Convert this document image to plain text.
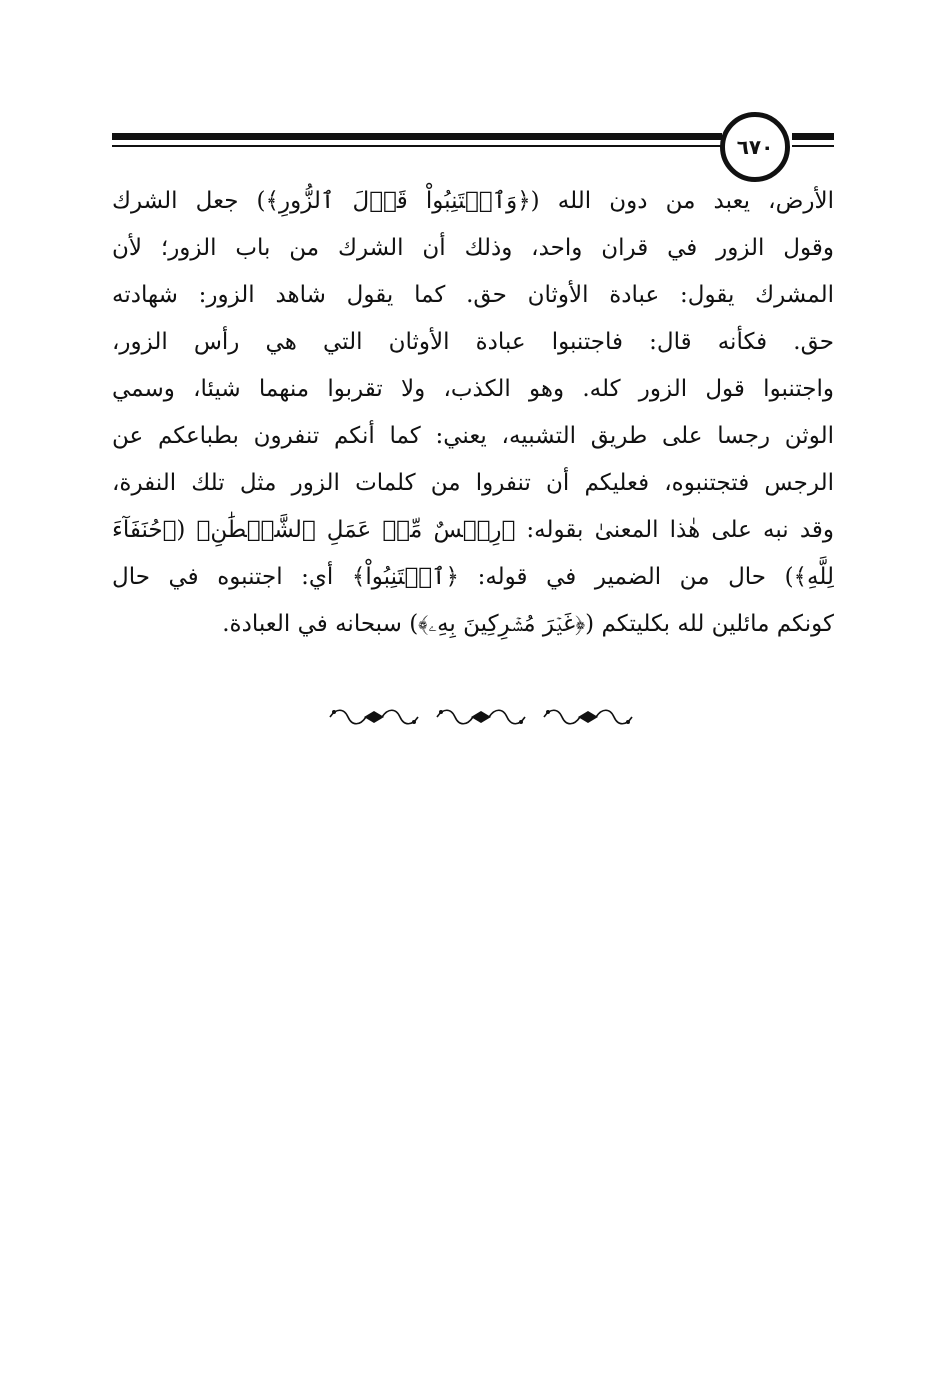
٦٧٠
الأرض، يعبد من دون الله (﴿وَٱجۡتَنِبُواْ قَوۡلَ ٱلزُّورِ﴾) جعل الشرك
وقول الزور في قران واحد، وذلك أن الشرك من باب الزور؛ لأن
المشرك يقول: عبادة الأوثان حق. كما يقول شاهد الزور: شهادته
حق. فكأنه قال: فاجتنبوا عبادة الأوثان التي هي رأس الزور،
واجتنبوا قول الزور كله. وهو الكذب، ولا تقربوا منهما شيئا، وسمي
الوثن رجسا على طريق التشبيه، يعني: كما أنكم تنفرون بطباعكم عن
الرجس فتجتنبوه، فعليكم أن تنفروا من كلمات الزور مثل تلك النفرة،
وقد نبه على هٰذا المعنىٰ بقوله: ﴿رِجۡسٌ مِّنۡ عَمَلِ ٱلشَّيۡطَٰنِ﴾ (﴿حُنَفَآءَ
لِلَّهِ﴾) حال من الضمير في قوله: ﴿ٱجۡتَنِبُواْ﴾ أي: اجتنبوه في حال
كونكم مائلين لله بكليتكم (﴿غَيۡرَ مُشۡرِكِينَ بِهِۦ﴾) سبحانه في العبادة.
